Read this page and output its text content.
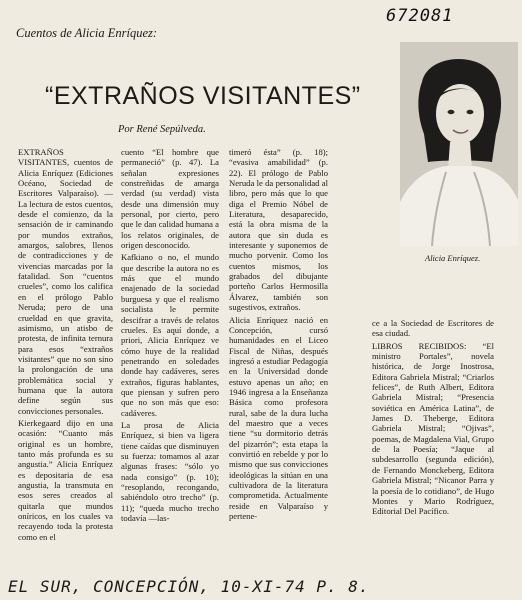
672081
Cuentos de Alicia Enríquez:
“EXTRAÑOS VISITANTES”
Por René Sepúlveda.
Alicia Enríquez.

EXTRAÑOS VISITANTES, cuentos de Alicia Enríquez (Ediciones Océano, Sociedad de Escritores Valparaíso). — La lectura de estos cuentos, desde el comienzo, da la sensación de ir caminando por mundos extraños, amargos, salobres, llenos de contradicciones y de vivencias marcadas por la fatalidad. Son “cuentos crueles”, como los califica en el prólogo Pablo Neruda; pero de una crueldad en que gravita, asimismo, un atisbo de protesta, de infinita ternura para esos “extraños visitantes” que no son sino la prolongación de una problemática social y humana que la autora define según sus convicciones personales.

Kierkegaard dijo en una ocasión: “Cuanto más original es un hombre, tanto más profunda es su angustia.” Alicia Enríquez es depositaria de esa angustia, la transmuta en esos seres creados al quitarla que mundos oníricos, en los cuales va recayendo toda la protesta como en el

cuento “El hombre que permaneció” (p. 47). La señalan expresiones constreñidas de amarga verdad (su verdad) vista desde una dimensión muy personal, por cierto, pero que le dan calidad humana a los relatos originales, de origen desconocido.

Kafkiano o no, el mundo que describe la autora no es más que el mundo enajenado de la sociedad burguesa y que el realismo socialista le permite descifrar a través de relatos crueles. Es aquí donde, a priori, Alicia Enríquez ve cómo huye de la realidad penetrando en soledades donde hay cadáveres, seres extraños, figuras hablantes, que piensan y sufren pero que no son más que eso: cadáveres.

La prosa de Alicia Enríquez, si bien va ligera tiene caídas que disminuyen su fuerza: tomamos al azar algunas frases: “sólo yo nada consigo” (p. 10); “resoplando, recongando, sabiéndolo otro trecho” (p. 11); “queda mucho trecho todavía —las-

timeró ésta” (p. 18); “evasiva amabilidad” (p. 22). El prólogo de Pablo Neruda le da personalidad al libro, pero más que lo que diga el Premio Nóbel de Literatura, desaparecido, está la obra misma de la autora que sin duda es interesante y suponemos de mucho porvenir. Como los cuentos mismos, los grabados del dibujante porteño Carlos Hermosilla Álvarez, también son sugestivos, extraños.

Alicia Enríquez nació en Concepción, cursó humanidades en el Liceo Fiscal de Niñas, después ingresó a estudiar Pedagogía en la Universidad donde estuvo apenas un año; en 1946 ingresa a la Enseñanza Básica como profesora rural, sabe de la dura lucha del maestro que a veces tiene “su dormitorio detrás del pizarrón”; esta etapa la convirtió en rebelde y por lo mismo que sus convicciones ideológicas la sitúan en una cultivadora de la literatura comprometida. Actualmente reside en Valparaíso y pertene-

ce a la Sociedad de Escritores de esa ciudad.

LIBROS RECIBIDOS: “El ministro Portales”, novela histórica, de Jorge Inostrosa, Editora Gabriela Mistral; “Criarlos felices”, de Ruth Albert, Editora Gabriela Mistral; “Presencia soviética en América Latina”, de James D. Theberge, Editora Gabriela Mistral; “Ojivas”, poemas, de Magdalena Vial, Grupo de la Poesía; “Jaque al subdesarrollo (segunda edición), de Fernando Monckeberg, Editora Gabriela Mistral; “Nicanor Parra y la poesía de lo cotidiano”, de Hugo Montes y Mario Rodríguez, Editorial Del Pacífico.

EL SUR, CONCEPCIÓN, 10-XI-74 P. 8.
